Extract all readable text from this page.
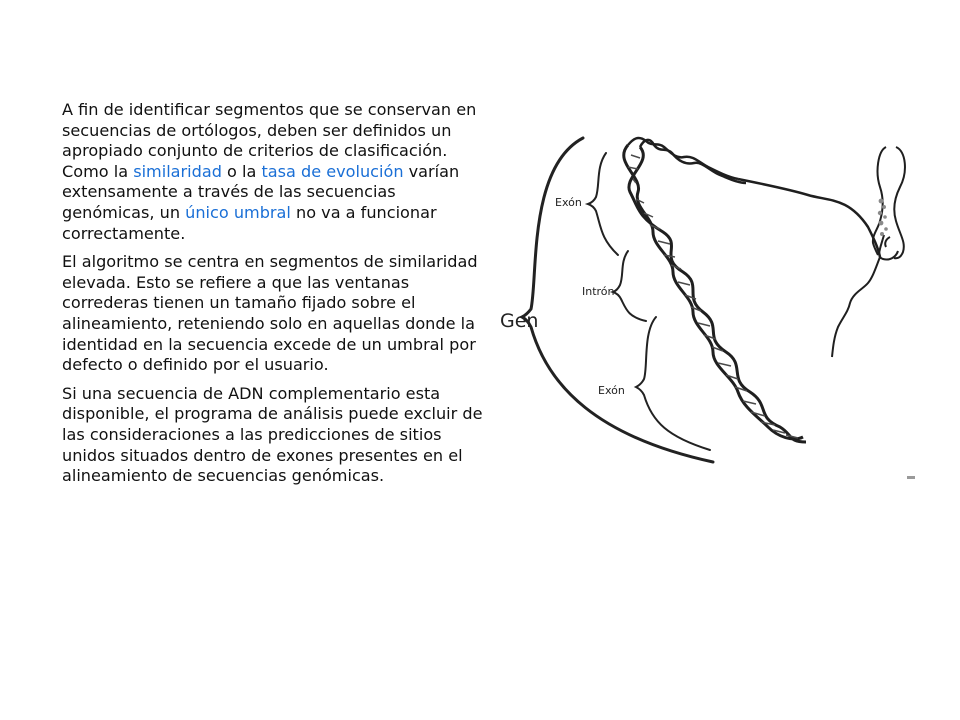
A fin de identificar segmentos que se conservan en secuencias de ortólogos, deben ser definidos un apropiado conjunto de criterios de clasificación. Como la similaridad o la tasa de evolución varían extensamente a través de las secuencias genómicas, un único umbral no va a funcionar correctamente.

El algoritmo se centra en segmentos de similaridad elevada. Esto se refiere a que las ventanas correderas tienen un tamaño fijado sobre el alineamiento, reteniendo solo en aquellas donde la identidad en la secuencia excede de un umbral por defecto o definido por el usuario.

Si una secuencia de ADN complementario esta disponible, el programa de análisis puede excluir de las consideraciones a las predicciones de sitios unidos situados dentro de exones presentes en el alineamiento de secuencias genómicas.

Gen
Exón
Intrón
Exón
